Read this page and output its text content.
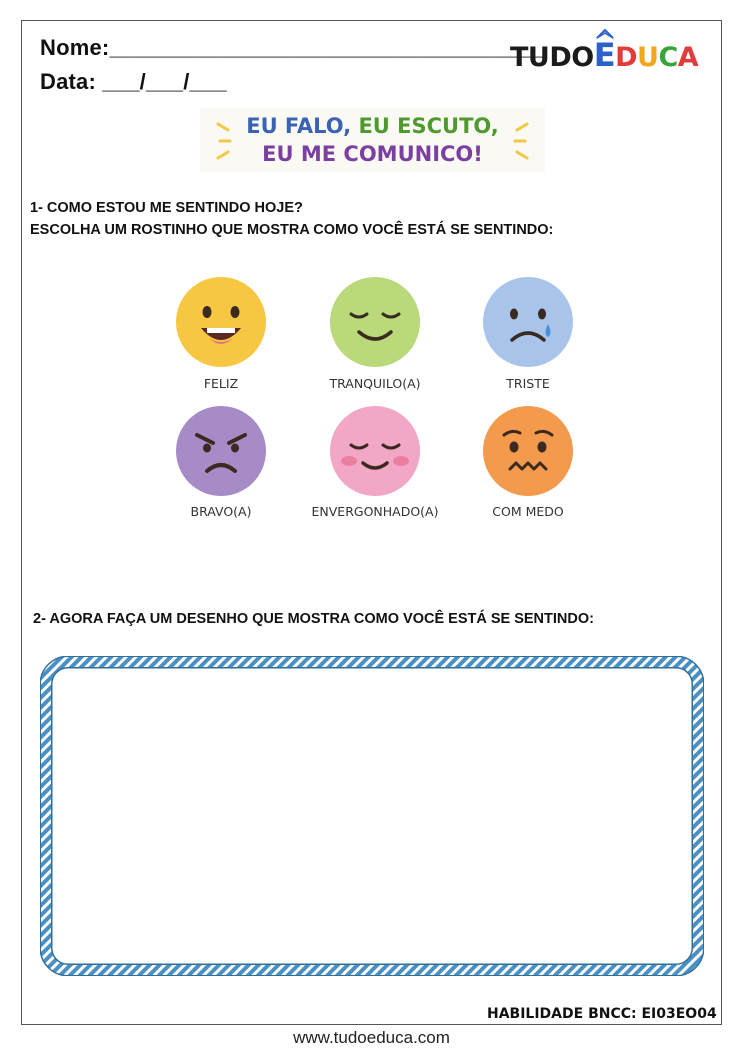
Nome:___________________________________
Data: ___/___/___
TUDOEDUCA
EU FALO, EU ESCUTO,
EU ME COMUNICO!
1- COMO ESTOU ME SENTINDO HOJE?
ESCOLHA UM ROSTINHO QUE MOSTRA COMO VOCÊ ESTÁ SE SENTINDO:
FELIZ	TRANQUILO(A)	TRISTE
BRAVO(A)	ENVERGONHADO(A)	COM MEDO
2- AGORA FAÇA UM DESENHO QUE MOSTRA COMO VOCÊ ESTÁ SE SENTINDO:
HABILIDADE BNCC: EI03EO04
www.tudoeduca.com
